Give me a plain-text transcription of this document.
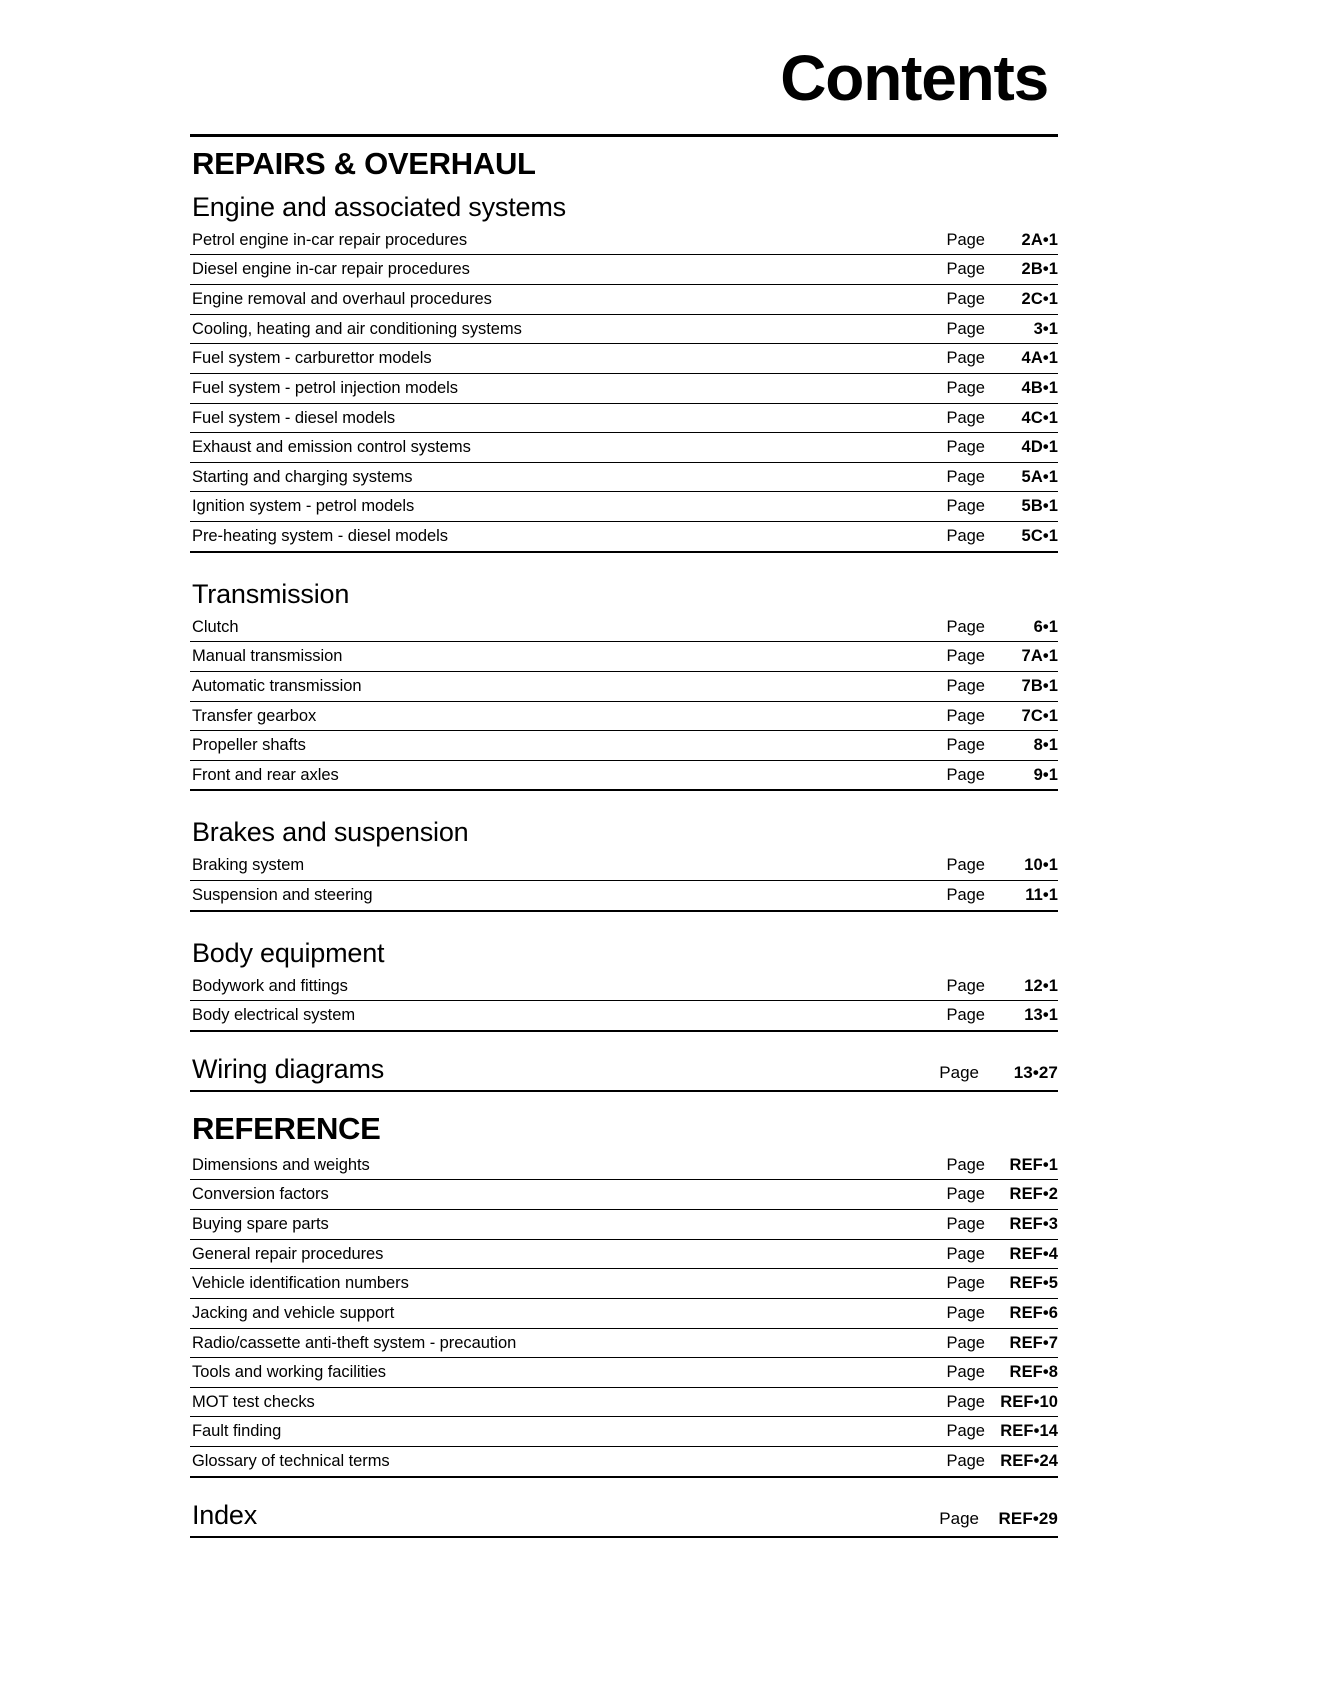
Contents
REPAIRS & OVERHAUL
Engine and associated systems
Petrol engine in-car repair procedures	Page	2A•1
Diesel engine in-car repair procedures	Page	2B•1
Engine removal and overhaul procedures	Page	2C•1
Cooling, heating and air conditioning systems	Page	3•1
Fuel system - carburettor models	Page	4A•1
Fuel system - petrol injection models	Page	4B•1
Fuel system - diesel models	Page	4C•1
Exhaust and emission control systems	Page	4D•1
Starting and charging systems	Page	5A•1
Ignition system - petrol models	Page	5B•1
Pre-heating system - diesel models	Page	5C•1
Transmission
Clutch	Page	6•1
Manual transmission	Page	7A•1
Automatic transmission	Page	7B•1
Transfer gearbox	Page	7C•1
Propeller shafts	Page	8•1
Front and rear axles	Page	9•1
Brakes and suspension
Braking system	Page	10•1
Suspension and steering	Page	11•1
Body equipment
Bodywork and fittings	Page	12•1
Body electrical system	Page	13•1
Wiring diagrams	Page	13•27
REFERENCE
Dimensions and weights	Page	REF•1
Conversion factors	Page	REF•2
Buying spare parts	Page	REF•3
General repair procedures	Page	REF•4
Vehicle identification numbers	Page	REF•5
Jacking and vehicle support	Page	REF•6
Radio/cassette anti-theft system - precaution	Page	REF•7
Tools and working facilities	Page	REF•8
MOT test checks	Page REF•10
Fault finding	Page REF•14
Glossary of technical terms	Page REF•24
Index	Page	REF•29
